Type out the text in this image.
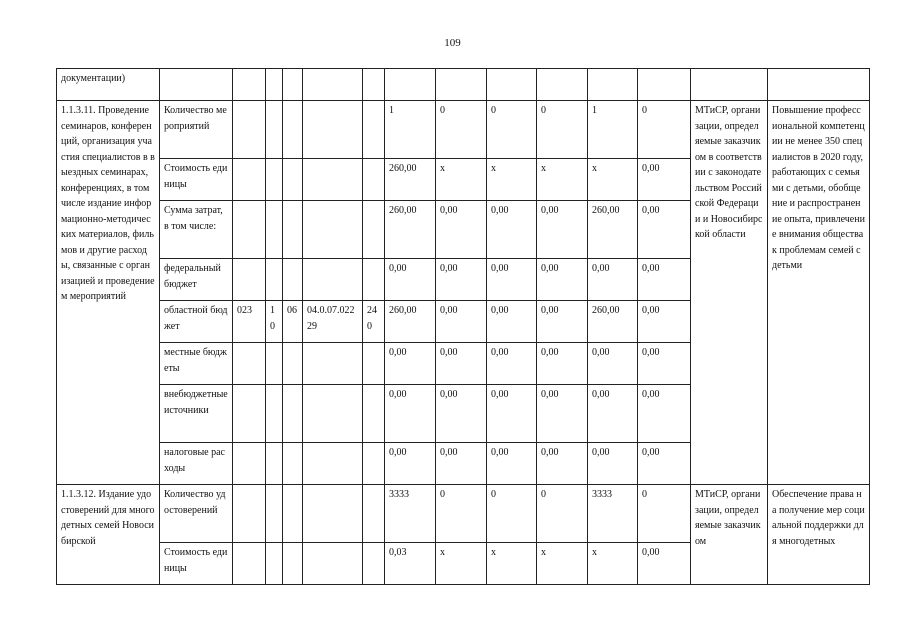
109
документации)														
1.1.3.11. Проведение семинаров, конференций, организация участия специалистов в выездных семинарах, конференциях, в том числе издание информационно-методических материалов, фильмов и другие расходы, связанные с организацией и проведением мероприятий	Количество мероприятий						1	0	0	0	1	0	МТиСР, организации, определяемые заказчиком в соответствии с законодательством Российской Федерации и Новосибирской области	Повышение профессиональной компетенции не менее 350 специалистов в 2020 году, работающих с семьями с детьми, обобщение и распространение опыта, привлечение внимания общества к проблемам семей с детьми
	Стоимость единицы						260,00	x	x	x	x	0,00		
	Сумма затрат, в том числе:						260,00	0,00	0,00	0,00	260,00	0,00		
	федеральный бюджет						0,00	0,00	0,00	0,00	0,00	0,00		
	областной бюджет	023	10	06	04.0.07.02229	240	260,00	0,00	0,00	0,00	260,00	0,00		
	местные бюджеты						0,00	0,00	0,00	0,00	0,00	0,00		
	внебюджетные источники						0,00	0,00	0,00	0,00	0,00	0,00		
	налоговые расходы						0,00	0,00	0,00	0,00	0,00	0,00		
1.1.3.12. Издание удостоверений для многодетных семей Новосибирской	Количество удостоверений						3333	0	0	0	3333	0	МТиСР, организации, определяемые заказчиком	Обеспечение права на получение мер социальной поддержки для многодетных
	Стоимость единицы						0,03	x	x	x	x	0,00		
